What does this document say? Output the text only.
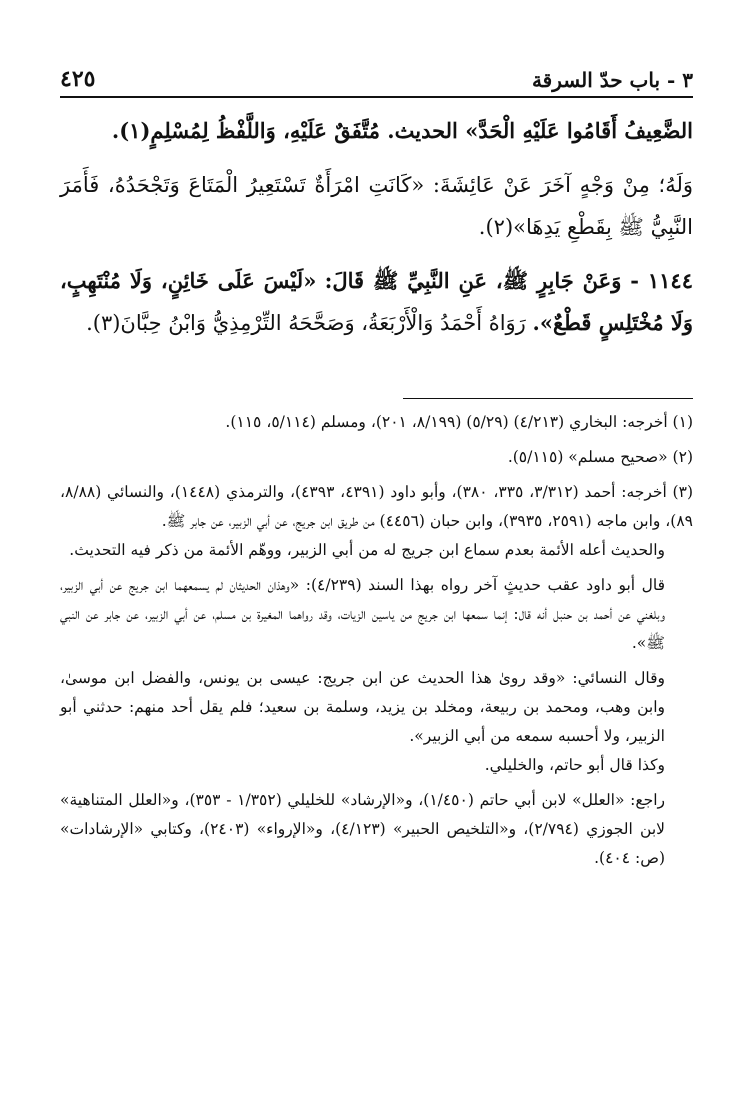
٣ - باب حدّ السرقة
٤٢٥

الضَّعِيفُ أَقَامُوا عَلَيْهِ الْحَدَّ» الحديث. مُتَّفَقٌ عَلَيْهِ، وَاللَّفْظُ لِمُسْلِمٍ(١).

وَلَهُ؛ مِنْ وَجْهٍ آخَرَ عَنْ عَائِشَةَ: «كَانَتِ امْرَأَةٌ تَسْتَعِيرُ الْمَتَاعَ وَتَجْحَدُهُ، فَأَمَرَ النَّبِيُّ ﷺ بِقَطْعِ يَدِهَا»(٢).

١١٤٤ - وَعَنْ جَابِرٍ ﷺ، عَنِ النَّبِيِّ ﷺ قَالَ: «لَيْسَ عَلَى خَائِنٍ، وَلَا مُنْتَهِبٍ، وَلَا مُخْتَلِسٍ قَطْعٌ». رَوَاهُ أَحْمَدُ وَالْأَرْبَعَةُ، وَصَحَّحَهُ التِّرْمِذِيُّ وَابْنُ حِبَّانَ(٣).

(١) أخرجه: البخاري (٤/٢١٣) (٥/٢٩) (٨/١٩٩، ٢٠١)، ومسلم (٥/١١٤، ١١٥).

(٢) «صحيح مسلم» (٥/١١٥).

(٣) أخرجه: أحمد (٣/٣١٢، ٣٣٥، ٣٨٠)، وأبو داود (٤٣٩١، ٤٣٩٣)، والترمذي (١٤٤٨)، والنسائي (٨/٨٨، ٨٩)، وابن ماجه (٢٥٩١، ٣٩٣٥)، وابن حبان (٤٤٥٦) من طريق ابن جريج، عن أبي الزبير، عن جابر ﷺ.

والحديث أعله الأئمة بعدم سماع ابن جريج له من أبي الزبير، ووهّم الأئمة من ذكر فيه التحديث.

قال أبو داود عقب حديثٍ آخر رواه بهذا السند (٤/٢٣٩): «وهذان الحديثان لم يسمعهما ابن جريج عن أبي الزبير، وبلغني عن أحمد بن حنبل أنه قال: إنما سمعها ابن جريج من ياسين الزيات، وقد رواهما المغيرة بن مسلم، عن أبي الزبير، عن جابر عن النبي ﷺ».

وقال النسائي: «وقد روىٰ هذا الحديث عن ابن جريج: عيسى بن يونس، والفضل ابن موسىٰ، وابن وهب، ومحمد بن ربيعة، ومخلد بن يزيد، وسلمة بن سعيد؛ فلم يقل أحد منهم: حدثني أبو الزبير، ولا أحسبه سمعه من أبي الزبير».

وكذا قال أبو حاتم، والخليلي.

راجع: «العلل» لابن أبي حاتم (١/٤٥٠)، و«الإرشاد» للخليلي (١/٣٥٢ - ٣٥٣)، و«العلل المتناهية» لابن الجوزي (٢/٧٩٤)، و«التلخيص الحبير» (٤/١٢٣)، و«الإرواء» (٢٤٠٣)، وكتابي «الإرشادات» (ص: ٤٠٤).
